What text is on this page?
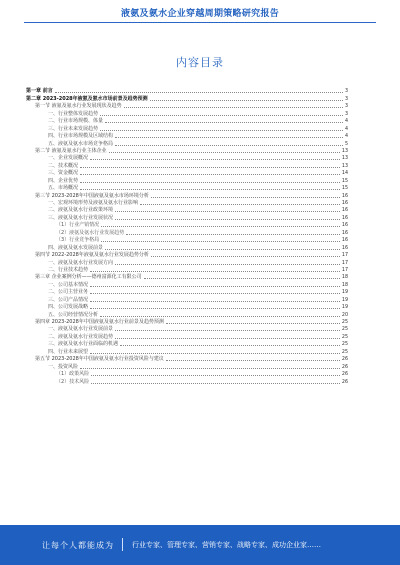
液氨及氨水企业穿越周期策略研究报告
内容目录
第一章 前言	3
第二章 2023-2028年液氨及氨水市场前景及趋势预测	3
第一节 液氨及氨水行业发展现状及趋势	3
一、行业整体发展趋势	3
二、行业市场规模、体量	4
三、行业未来发展趋势	4
四、行业市场规模及区域结构	4
五、液氨及氨水市场竞争格局	5
第二节 液氨及氨水行业主体企业	13
一、企业发展概况	13
二、技术概况	13
三、资金概况	14
四、企业优势	15
五、市场概况	15
第三节 2023-2028年中国液氨及氨水市场环境分析	16
一、宏观环境形势及液氨及氨水行业影响	16
二、液氨及氨水行业政策环境	16
三、液氨及氨水行业发展状况	16
（1）行业产销情况	16
（2）液氨及氨水行业发展趋势	16
（3）行业竞争格局	16
四、液氨及氨水发展前景	16
第四节 2022-2028年液氨及氨水行业发展趋势分析	17
一、液氨及氨水行业发展方向	17
二、行业技术趋势	17
第三章 企业案例分析——德州富源化工有限公司	18
一、公司基本情况	18
二、公司主营业务	19
三、公司产品情况	19
四、公司发展战略	19
五、公司经营情况分析	20
第四章 2023-2028年中国液氨及氨水行业前景及趋势预测	25
一、液氨及氨水行业发展前景	25
二、液氨及氨水行业发展趋势	25
三、液氨及氨水行业面临的机遇	25
四、行业未来展望	25
第五节 2023-2028年中国液氨及氨水行业投资风险与建议	26
一、投资风险	26
（1）政策风险	26
（2）技术风险	26
让每个人都能成为	行业专家、管理专家、营销专家、战略专家、成功企业家……
